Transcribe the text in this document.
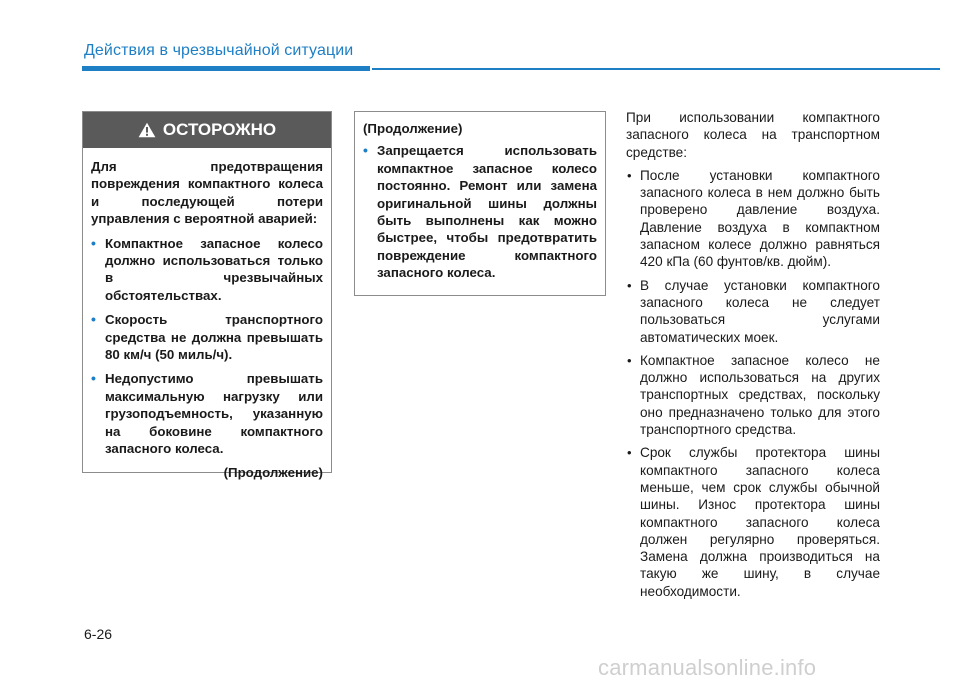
Действия в чрезвычайной ситуации
ОСТОРОЖНО
Для предотвращения повреждения компактного колеса и последующей потери управления с вероятной аварией:
• Компактное запасное колесо должно использоваться только в чрезвычайных обстоятельствах.
• Скорость транспортного средства не должна превышать 80 км/ч (50 миль/ч).
• Недопустимо превышать максимальную нагрузку или грузоподъемность, указанную на боковине компактного запасного колеса.
(Продолжение)
(Продолжение)
• Запрещается использовать компактное запасное колесо постоянно. Ремонт или замена оригинальной шины должны быть выполнены как можно быстрее, чтобы предотвратить повреждение компактного запасного колеса.
При использовании компактного запасного колеса на транспортном средстве:
• После установки компактного запасного колеса в нем должно быть проверено давление воздуха. Давление воздуха в компактном запасном колесе должно равняться 420 кПа (60 фунтов/кв. дюйм).
• В случае установки компактного запасного колеса не следует пользоваться услугами автоматических моек.
• Компактное запасное колесо не должно использоваться на других транспортных средствах, поскольку оно предназначено только для этого транспортного средства.
• Срок службы протектора шины компактного запасного колеса меньше, чем срок службы обычной шины. Износ протектора шины компактного запасного колеса должен регулярно проверяться. Замена должна производиться на такую же шину, в случае необходимости.
6-26
carmanualsonline.info
